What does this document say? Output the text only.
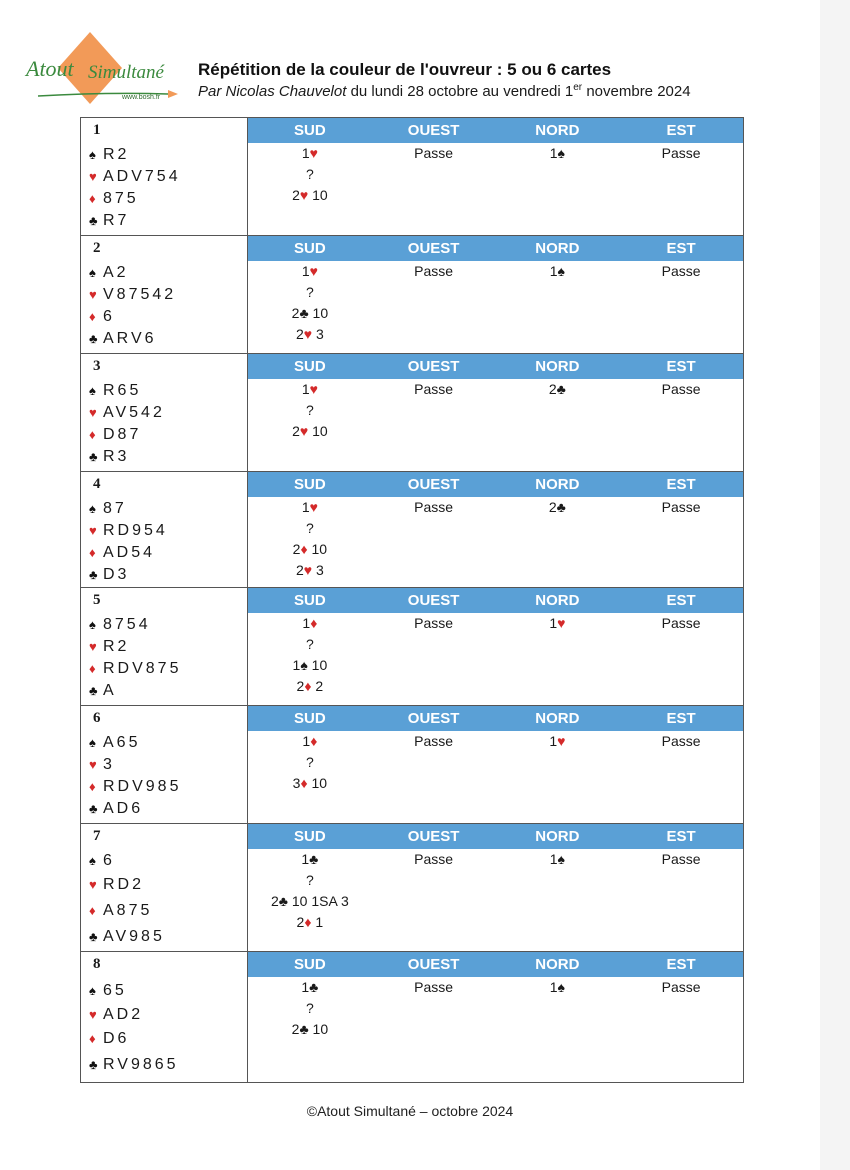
Atout Simultané
www.bosh.fr
Répétition de la couleur de l'ouvreur : 5 ou 6 cartes
Par Nicolas Chauvelot du lundi 28 octobre au vendredi 1er novembre 2024
1
♠ R2
♥ ADV754
♦ 875
♣ R7
SUD	OUEST	NORD	EST
1♥	Passe	1♠	Passe
?
2♥ 10
2
♠ A2
♥ V87542
♦ 6
♣ ARV6
SUD	OUEST	NORD	EST
1♥	Passe	1♠	Passe
?
2♣ 10
2♥ 3
3
♠ R65
♥ AV542
♦ D87
♣ R3
SUD	OUEST	NORD	EST
1♥	Passe	2♣	Passe
?
2♥ 10
4
♠ 87
♥ RD954
♦ AD54
♣ D3
SUD	OUEST	NORD	EST
1♥	Passe	2♣	Passe
?
2♦ 10
2♥ 3
5
♠ 8754
♥ R2
♦ RDV875
♣ A
SUD	OUEST	NORD	EST
1♦	Passe	1♥	Passe
?
1♠ 10
2♦ 2
6
♠ A65
♥ 3
♦ RDV985
♣ AD6
SUD	OUEST	NORD	EST
1♦	Passe	1♥	Passe
?
3♦ 10
7
♠ 6
♥ RD2
♦ A875
♣ AV985
SUD	OUEST	NORD	EST
1♣	Passe	1♠	Passe
?
2♣ 10 1SA 3
2♦ 1
8
♠ 65
♥ AD2
♦ D6
♣ RV9865
SUD	OUEST	NORD	EST
1♣	Passe	1♠	Passe
?
2♣ 10
©Atout Simultané – octobre 2024
